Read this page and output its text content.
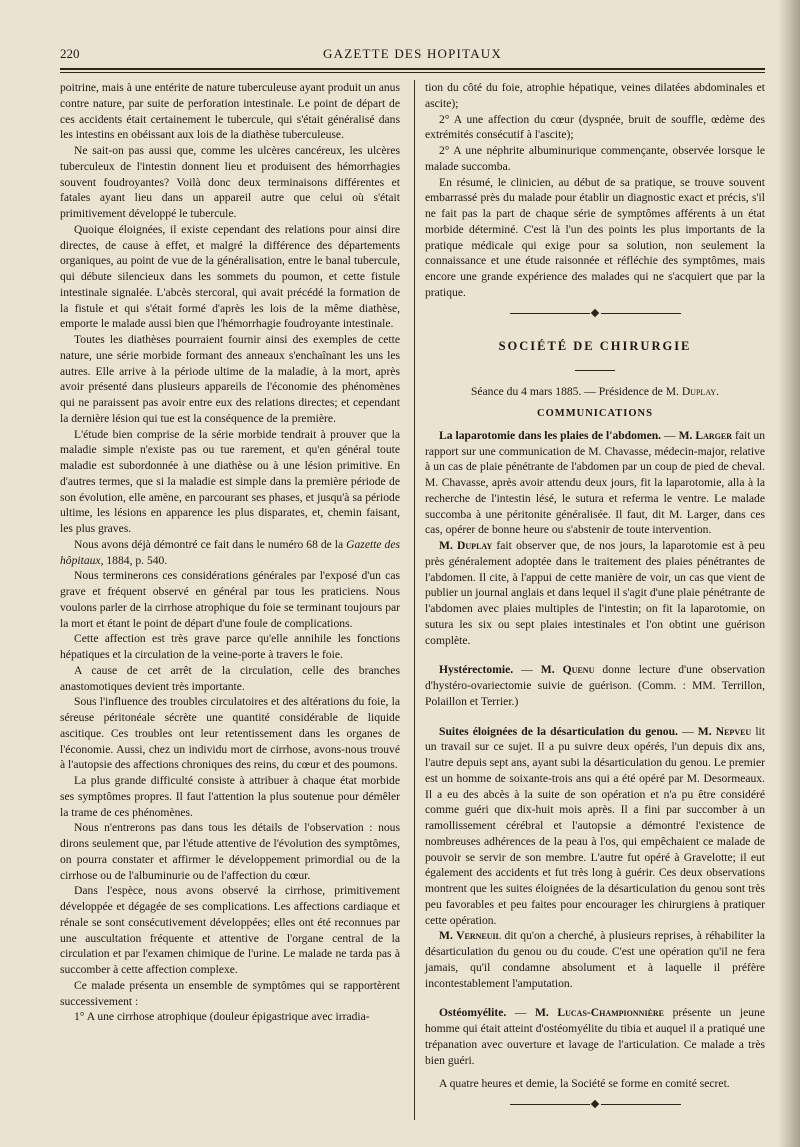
GAZETTE DES HOPITAUX
220

poitrine, mais à une entérite de nature tuberculeuse ayant produit un anus contre nature, par suite de perforation intestinale. Le point de départ de ces accidents était certainement le tubercule, qui s'était généralisé dans les intestins en obéissant aux lois de la diathèse tuberculeuse.

Ne sait-on pas aussi que, comme les ulcères cancéreux, les ulcères tuberculeux de l'intestin donnent lieu et produisent des hémorrhagies souvent foudroyantes? Voilà donc deux terminaisons différentes et fatales ayant lieu dans un appareil autre que celui où s'était primitivement développé le tubercule.

Quoique éloignées, il existe cependant des relations pour ainsi dire directes, de cause à effet, et malgré la différence des départements organiques, au point de vue de la généralisation, entre le banal tubercule, qui débute silencieux dans les sommets du poumon, et cette fistule intestinale signalée. L'abcès stercoral, qui avait précédé la formation de la fistule et qui s'était formé d'après les lois de la même diathèse, emporte le malade aussi bien que l'hémorrhagie foudroyante intestinale.

Toutes les diathèses pourraient fournir ainsi des exemples de cette nature, une série morbide formant des anneaux s'enchaînant les uns les autres. Elle arrive à la période ultime de la maladie, à la mort, après avoir présenté dans plusieurs appareils de l'économie des phénomènes qui ne paraissent pas avoir entre eux des relations directes; et cependant la dernière lésion qui tue est la conséquence de la première.

L'étude bien comprise de la série morbide tendrait à prouver que la maladie simple n'existe pas ou tue rarement, et qu'en général toute maladie est subordonnée à une diathèse ou à une lésion primitive. En d'autres termes, que si la maladie est simple dans la première période de son évolution, elle amène, en parcourant ses phases, et jusqu'à sa période ultime, les lésions en apparence les plus disparates, et, chemin faisant, les plus graves.

Nous avons déjà démontré ce fait dans le numéro 68 de la Gazette des hôpitaux, 1884, p. 540.

Nous terminerons ces considérations générales par l'exposé d'un cas grave et fréquent observé en général par tous les praticiens. Nous voulons parler de la cirrhose atrophique du foie se terminant toujours par la mort et étant le point de départ d'une foule de complications.

Cette affection est très grave parce qu'elle annihile les fonctions hépatiques et la circulation de la veine-porte à travers le foie.

A cause de cet arrêt de la circulation, celle des branches anastomotiques devient très importante.

Sous l'influence des troubles circulatoires et des altérations du foie, la séreuse péritonéale sécrète une quantité considérable de liquide ascitique. Ces troubles ont leur retentissement dans les organes de l'économie. Aussi, chez un individu mort de cirrhose, avons-nous trouvé à l'autopsie des affections chroniques des reins, du cœur et des poumons.

La plus grande difficulté consiste à attribuer à chaque état morbide ses symptômes propres. Il faut l'attention la plus soutenue pour démêler la trame de ces phénomènes.

Nous n'entrerons pas dans tous les détails de l'observation : nous dirons seulement que, par l'étude attentive de l'évolution des symptômes, on pourra constater et affirmer le développement primordial ou de la cirrhose ou de l'albuminurie ou de l'affection du cœur.

Dans l'espèce, nous avons observé la cirrhose, primitivement développée et dégagée de ses complications. Les affections cardiaque et rénale se sont consécutivement développées; elles ont été reconnues par une auscultation fréquente et attentive de l'organe central de la circulation et par l'examen chimique de l'urine. Le malade ne tarda pas à succomber à cette affection complexe.

Ce malade présenta un ensemble de symptômes qui se rapportèrent successivement :

1° A une cirrhose atrophique (douleur épigastrique avec irradia-

tion du côté du foie, atrophie hépatique, veines dilatées abdominales et ascite);

2° A une affection du cœur (dyspnée, bruit de souffle, œdème des extrémités consécutif à l'ascite);

2° A une néphrite albuminurique commençante, observée lorsque le malade succomba.

En résumé, le clinicien, au début de sa pratique, se trouve souvent embarrassé près du malade pour établir un diagnostic exact et précis, s'il ne fait pas la part de chaque série de symptômes afférents à un état morbide déterminé. C'est là l'un des points les plus importants de la pratique médicale qui exige pour sa solution, non seulement la connaissance et une étude raisonnée et réfléchie des symptômes, mais encore une grande expérience des malades qui ne s'acquiert que par la pratique.

SOCIÉTÉ DE CHIRURGIE

Séance du 4 mars 1885. — Présidence de M. Duplay.

COMMUNICATIONS

La laparotomie dans les plaies de l'abdomen. — M. Larger fait un rapport sur une communication de M. Chavasse, médecin-major, relative à un cas de plaie pénétrante de l'abdomen par un coup de pied de cheval. M. Chavasse, après avoir attendu deux jours, fit la laparotomie, alla à la recherche de l'intestin lésé, le sutura et referma le ventre. Le malade succomba à une péritonite généralisée. Il faut, dit M. Larger, dans ces cas, opérer de bonne heure ou s'abstenir de toute intervention.

M. Duplay fait observer que, de nos jours, la laparotomie est à peu près généralement adoptée dans le traitement des plaies pénétrantes de l'abdomen. Il cite, à l'appui de cette manière de voir, un cas que vient de publier un journal anglais et dans lequel il s'agit d'une plaie pénétrante de l'abdomen avec plaies multiples de l'intestin; on fit la laparotomie, on sutura les six ou sept plaies intestinales et l'on obtint une guérison complète.

Hystérectomie. — M. Quenu donne lecture d'une observation d'hystéro-ovariectomie suivie de guérison. (Comm. : MM. Terrillon, Polaillon et Terrier.)

Suites éloignées de la désarticulation du genou. — M. Nepveu lit un travail sur ce sujet. Il a pu suivre deux opérés, l'un depuis dix ans, l'autre depuis sept ans, ayant subi la désarticulation du genou. Le premier est un homme de soixante-trois ans qui a été opéré par M. Desormeaux. Il a eu des abcès à la suite de son opération et n'a pu être considéré comme guéri que dix-huit mois après. Il a fini par succomber à un ramollissement cérébral et l'autopsie a démontré l'existence de nombreuses adhérences de la peau à l'os, qui empêchaient ce malade de pouvoir se servir de son membre. L'autre fut opéré à Gravelotte; il eut également des accidents et fut très long à guérir. Ces deux observations montrent que les suites éloignées de la désarticulation du genou sont très peu favorables et peu faites pour encourager les chirurgiens à pratiquer cette opération.

M. Verneuil dit qu'on a cherché, à plusieurs reprises, à réhabiliter la désarticulation du genou ou du coude. C'est une opération qu'il ne fera jamais, qu'il condamne absolument et à laquelle il préfère incontestablement l'amputation.

Ostéomyélite. — M. Lucas-Championnière présente un jeune homme qui était atteint d'ostéomyélite du tibia et auquel il a pratiqué une trépanation avec ouverture et lavage de l'articulation. Ce malade a très bien guéri.

A quatre heures et demie, la Société se forme en comité secret.
